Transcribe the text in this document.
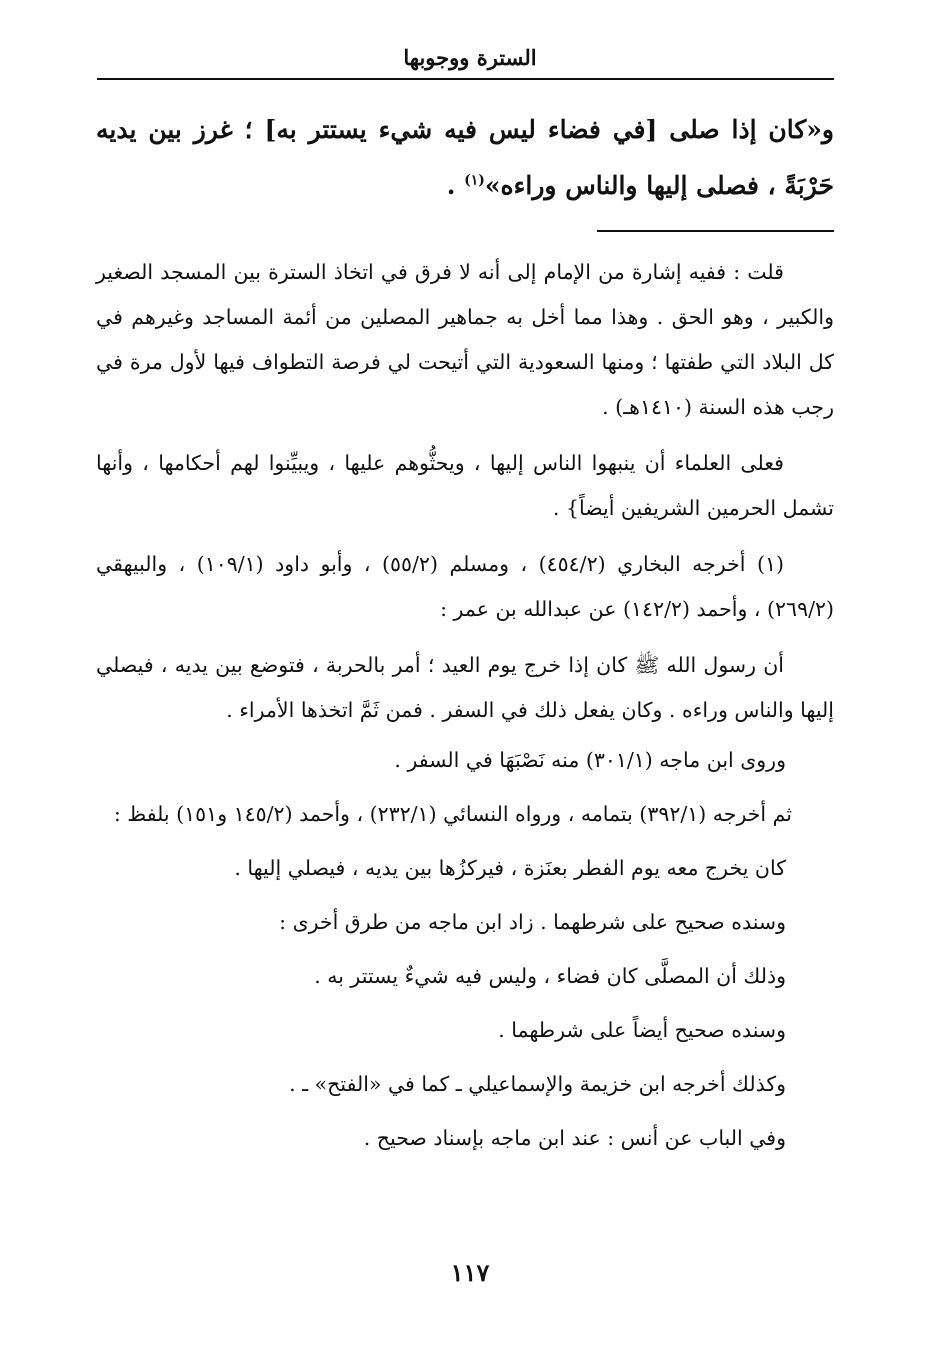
السترة ووجوبها
و«كان إذا صلى [في فضاء ليس فيه شيء يستتر به] ؛ غرز بين يديه حَرْبَةً ، فصلى إليها والناس وراءه»$^{(١)}$ .

قلت : ففيه إشارة من الإمام إلى أنه لا فرق في اتخاذ السترة بين المسجد الصغير والكبير ، وهو الحق . وهذا مما أخل به جماهير المصلين من أئمة المساجد وغيرهم في كل البلاد التي طفتها ؛ ومنها السعودية التي أتيحت لي فرصة التطواف فيها لأول مرة في رجب هذه السنة (١٤١٠هـ) .

فعلى العلماء أن ينبهوا الناس إليها ، ويحثُّوهم عليها ، ويبيِّنوا لهم أحكامها ، وأنها تشمل الحرمين الشريفين أيضاً} .

(١) أخرجه البخاري (٤٥٤/٢) ، ومسلم (٥٥/٢) ، وأبو داود (١٠٩/١) ، والبيهقي (٢٦٩/٢) ، وأحمد (١٤٢/٢) عن عبدالله بن عمر :

أن رسول الله ﷺ كان إذا خرج يوم العيد ؛ أمر بالحربة ، فتوضع بين يديه ، فيصلي إليها والناس وراءه . وكان يفعل ذلك في السفر . فمن ثَمَّ اتخذها الأمراء .

وروى ابن ماجه (٣٠١/١) منه نَصْبَهَا في السفر .

ثم أخرجه (٣٩٢/١) بتمامه ، ورواه النسائي (٢٣٢/١) ، وأحمد (١٤٥/٢ و١٥١) بلفظ :

كان يخرج معه يوم الفطر بعنَزة ، فيركزُها بين يديه ، فيصلي إليها .

وسنده صحيح على شرطهما . زاد ابن ماجه من طرق أخرى :

وذلك أن المصلَّى كان فضاء ، وليس فيه شيءٌ يستتر به .

وسنده صحيح أيضاً على شرطهما .

وكذلك أخرجه ابن خزيمة والإسماعيلي ـ كما في «الفتح» ـ .

وفي الباب عن أنس : عند ابن ماجه بإسناد صحيح .

١١٧
